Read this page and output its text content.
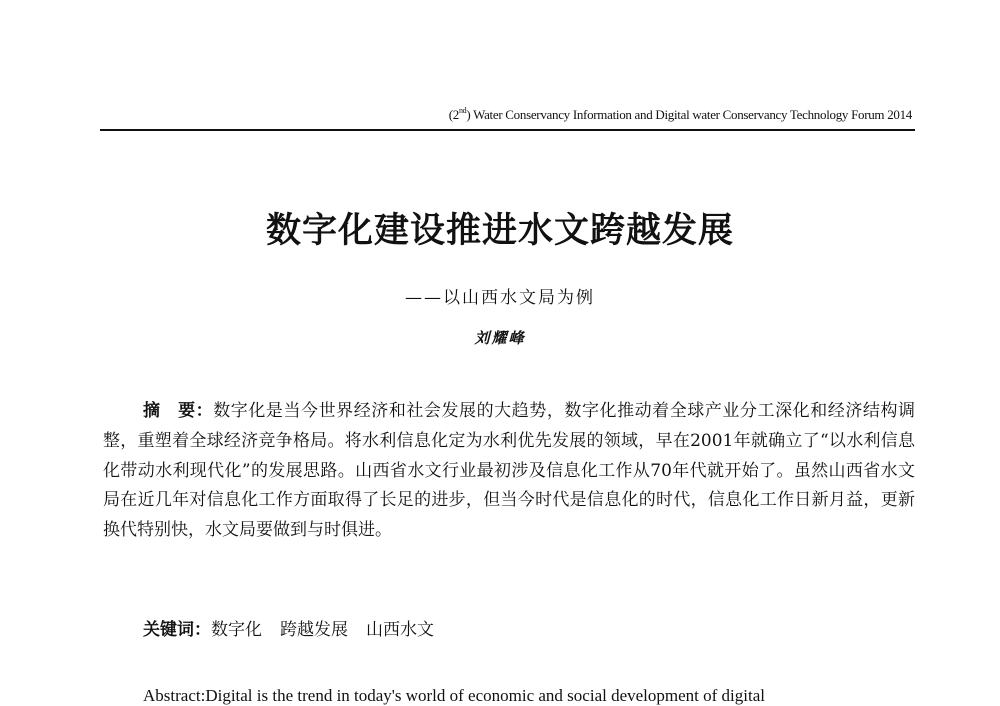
(2nd) Water Conservancy Information and Digital water Conservancy Technology Forum 2014
数字化建设推进水文跨越发展
——以山西水文局为例
刘耀峰
摘　要：数字化是当今世界经济和社会发展的大趋势，数字化推动着全球产业分工深化和经济结构调整，重塑着全球经济竞争格局。将水利信息化定为水利优先发展的领域，早在2001年就确立了“以水利信息化带动水利现代化”的发展思路。山西省水文行业最初涉及信息化工作从70年代就开始了。虽然山西省水文局在近几年对信息化工作方面取得了长足的进步，但当今时代是信息化的时代，信息化工作日新月益，更新换代特别快，水文局要做到与时俱进。
关键词：数字化 跨越发展 山西水文
Abstract:Digital is the trend in today's world of economic and social development of digital
